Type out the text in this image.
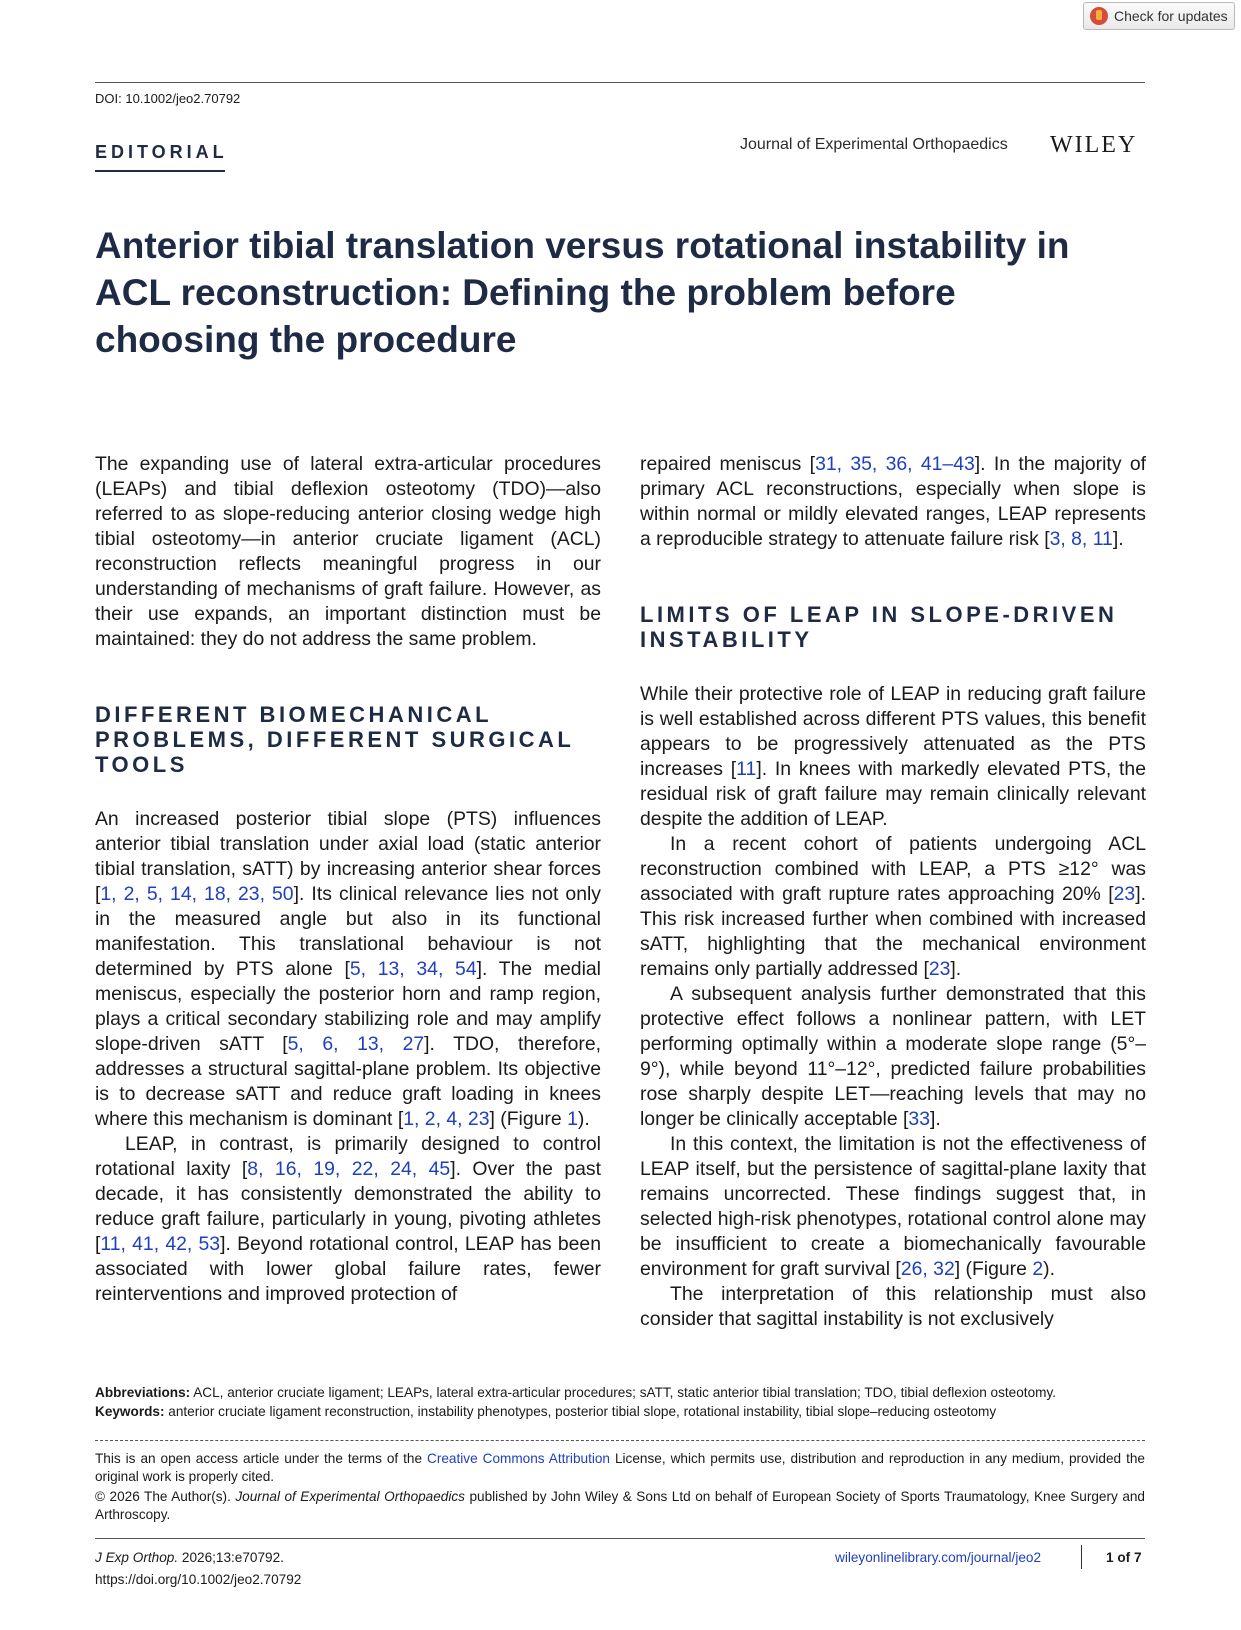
Check for updates
DOI: 10.1002/jeo2.70792
EDITORIAL	Journal of Experimental Orthopaedics WILEY
Anterior tibial translation versus rotational instability in ACL reconstruction: Defining the problem before choosing the procedure

The expanding use of lateral extra-articular procedures (LEAPs) and tibial deflexion osteotomy (TDO)—also referred to as slope-reducing anterior closing wedge high tibial osteotomy—in anterior cruciate ligament (ACL) reconstruction reflects meaningful progress in our understanding of mechanisms of graft failure. However, as their use expands, an important distinction must be maintained: they do not address the same problem.

DIFFERENT BIOMECHANICAL PROBLEMS, DIFFERENT SURGICAL TOOLS

An increased posterior tibial slope (PTS) influences anterior tibial translation under axial load (static anterior tibial translation, sATT) by increasing anterior shear forces [1, 2, 5, 14, 18, 23, 50]. Its clinical relevance lies not only in the measured angle but also in its functional manifestation. This translational behaviour is not determined by PTS alone [5, 13, 34, 54]. The medial meniscus, especially the posterior horn and ramp region, plays a critical secondary stabilizing role and may amplify slope-driven sATT [5, 6, 13, 27]. TDO, therefore, addresses a structural sagittal-plane problem. Its objective is to decrease sATT and reduce graft loading in knees where this mechanism is dominant [1, 2, 4, 23] (Figure 1).

LEAP, in contrast, is primarily designed to control rotational laxity [8, 16, 19, 22, 24, 45]. Over the past decade, it has consistently demonstrated the ability to reduce graft failure, particularly in young, pivoting athletes [11, 41, 42, 53]. Beyond rotational control, LEAP has been associated with lower global failure rates, fewer reinterventions and improved protection of

repaired meniscus [31, 35, 36, 41–43]. In the majority of primary ACL reconstructions, especially when slope is within normal or mildly elevated ranges, LEAP represents a reproducible strategy to attenuate failure risk [3, 8, 11].

LIMITS OF LEAP IN SLOPE-DRIVEN INSTABILITY

While their protective role of LEAP in reducing graft failure is well established across different PTS values, this benefit appears to be progressively attenuated as the PTS increases [11]. In knees with markedly elevated PTS, the residual risk of graft failure may remain clinically relevant despite the addition of LEAP.

In a recent cohort of patients undergoing ACL reconstruction combined with LEAP, a PTS ≥12° was associated with graft rupture rates approaching 20% [23]. This risk increased further when combined with increased sATT, highlighting that the mechanical environment remains only partially addressed [23].

A subsequent analysis further demonstrated that this protective effect follows a nonlinear pattern, with LET performing optimally within a moderate slope range (5°–9°), while beyond 11°–12°, predicted failure probabilities rose sharply despite LET—reaching levels that may no longer be clinically acceptable [33].

In this context, the limitation is not the effectiveness of LEAP itself, but the persistence of sagittal-plane laxity that remains uncorrected. These findings suggest that, in selected high-risk phenotypes, rotational control alone may be insufficient to create a biomechanically favourable environment for graft survival [26, 32] (Figure 2).

The interpretation of this relationship must also consider that sagittal instability is not exclusively

Abbreviations: ACL, anterior cruciate ligament; LEAPs, lateral extra-articular procedures; sATT, static anterior tibial translation; TDO, tibial deflexion osteotomy.
Keywords: anterior cruciate ligament reconstruction, instability phenotypes, posterior tibial slope, rotational instability, tibial slope–reducing osteotomy
This is an open access article under the terms of the Creative Commons Attribution License, which permits use, distribution and reproduction in any medium, provided the original work is properly cited.
© 2026 The Author(s). Journal of Experimental Orthopaedics published by John Wiley & Sons Ltd on behalf of European Society of Sports Traumatology, Knee Surgery and Arthroscopy.
J Exp Orthop. 2026;13:e70792.
https://doi.org/10.1002/jeo2.70792
wileyonlinelibrary.com/journal/jeo2	1 of 7
